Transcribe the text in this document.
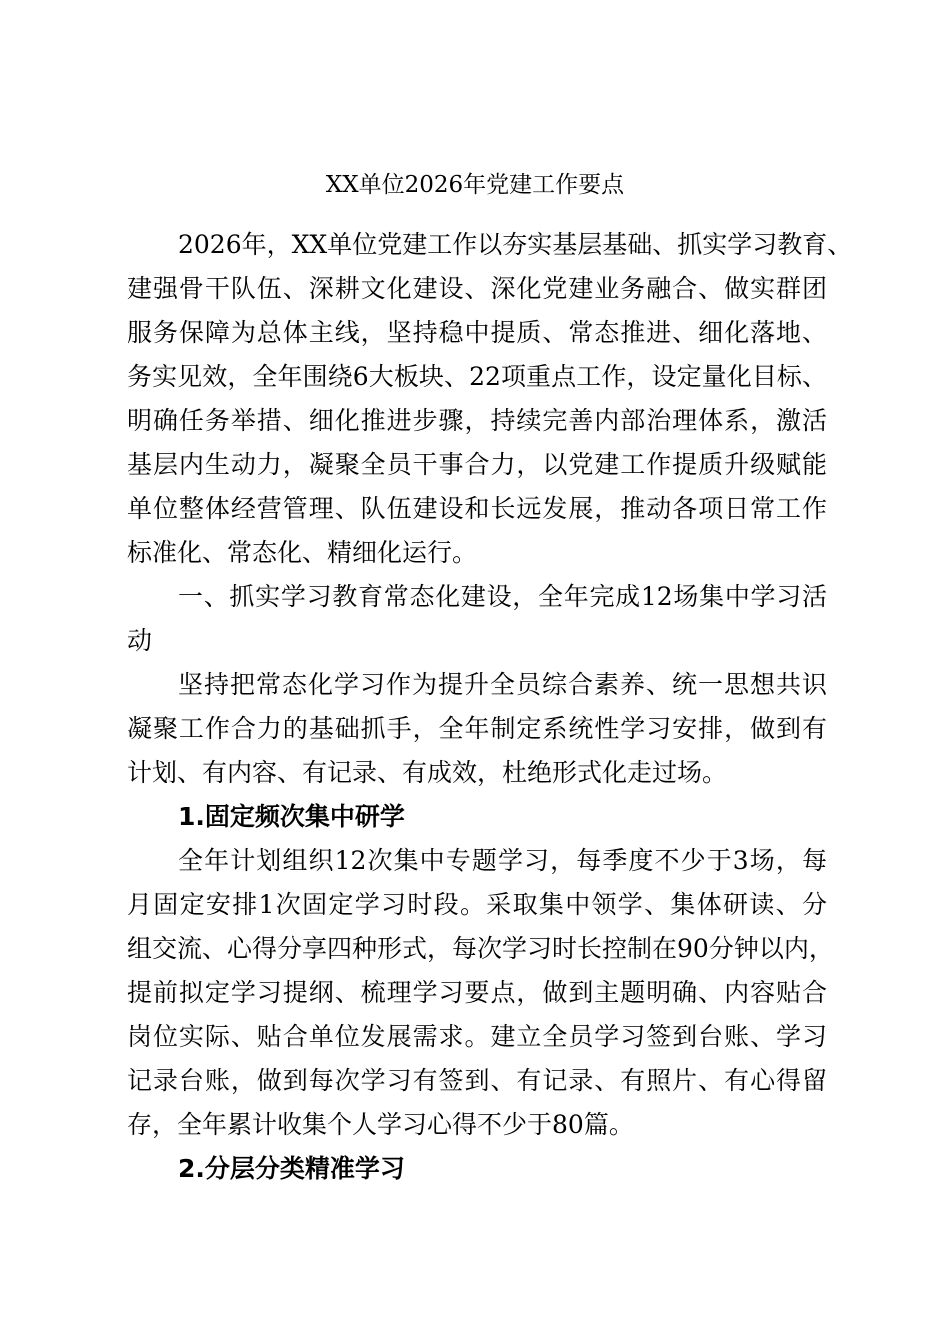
XX单位2026年党建工作要点
2026年，XX单位党建工作以夯实基层基础、抓实学习教育、
建强骨干队伍、深耕文化建设、深化党建业务融合、做实群团
服务保障为总体主线，坚持稳中提质、常态推进、细化落地、
务实见效，全年围绕6大板块、22项重点工作，设定量化目标、
明确任务举措、细化推进步骤，持续完善内部治理体系，激活
基层内生动力，凝聚全员干事合力，以党建工作提质升级赋能
单位整体经营管理、队伍建设和长远发展，推动各项日常工作
标准化、常态化、精细化运行。
一、抓实学习教育常态化建设，全年完成12场集中学习活
动
坚持把常态化学习作为提升全员综合素养、统一思想共识
凝聚工作合力的基础抓手，全年制定系统性学习安排，做到有
计划、有内容、有记录、有成效，杜绝形式化走过场。
1.固定频次集中研学
全年计划组织12次集中专题学习，每季度不少于3场，每
月固定安排1次固定学习时段。采取集中领学、集体研读、分
组交流、心得分享四种形式，每次学习时长控制在90分钟以内，
提前拟定学习提纲、梳理学习要点，做到主题明确、内容贴合
岗位实际、贴合单位发展需求。建立全员学习签到台账、学习
记录台账，做到每次学习有签到、有记录、有照片、有心得留
存，全年累计收集个人学习心得不少于80篇。
2.分层分类精准学习
